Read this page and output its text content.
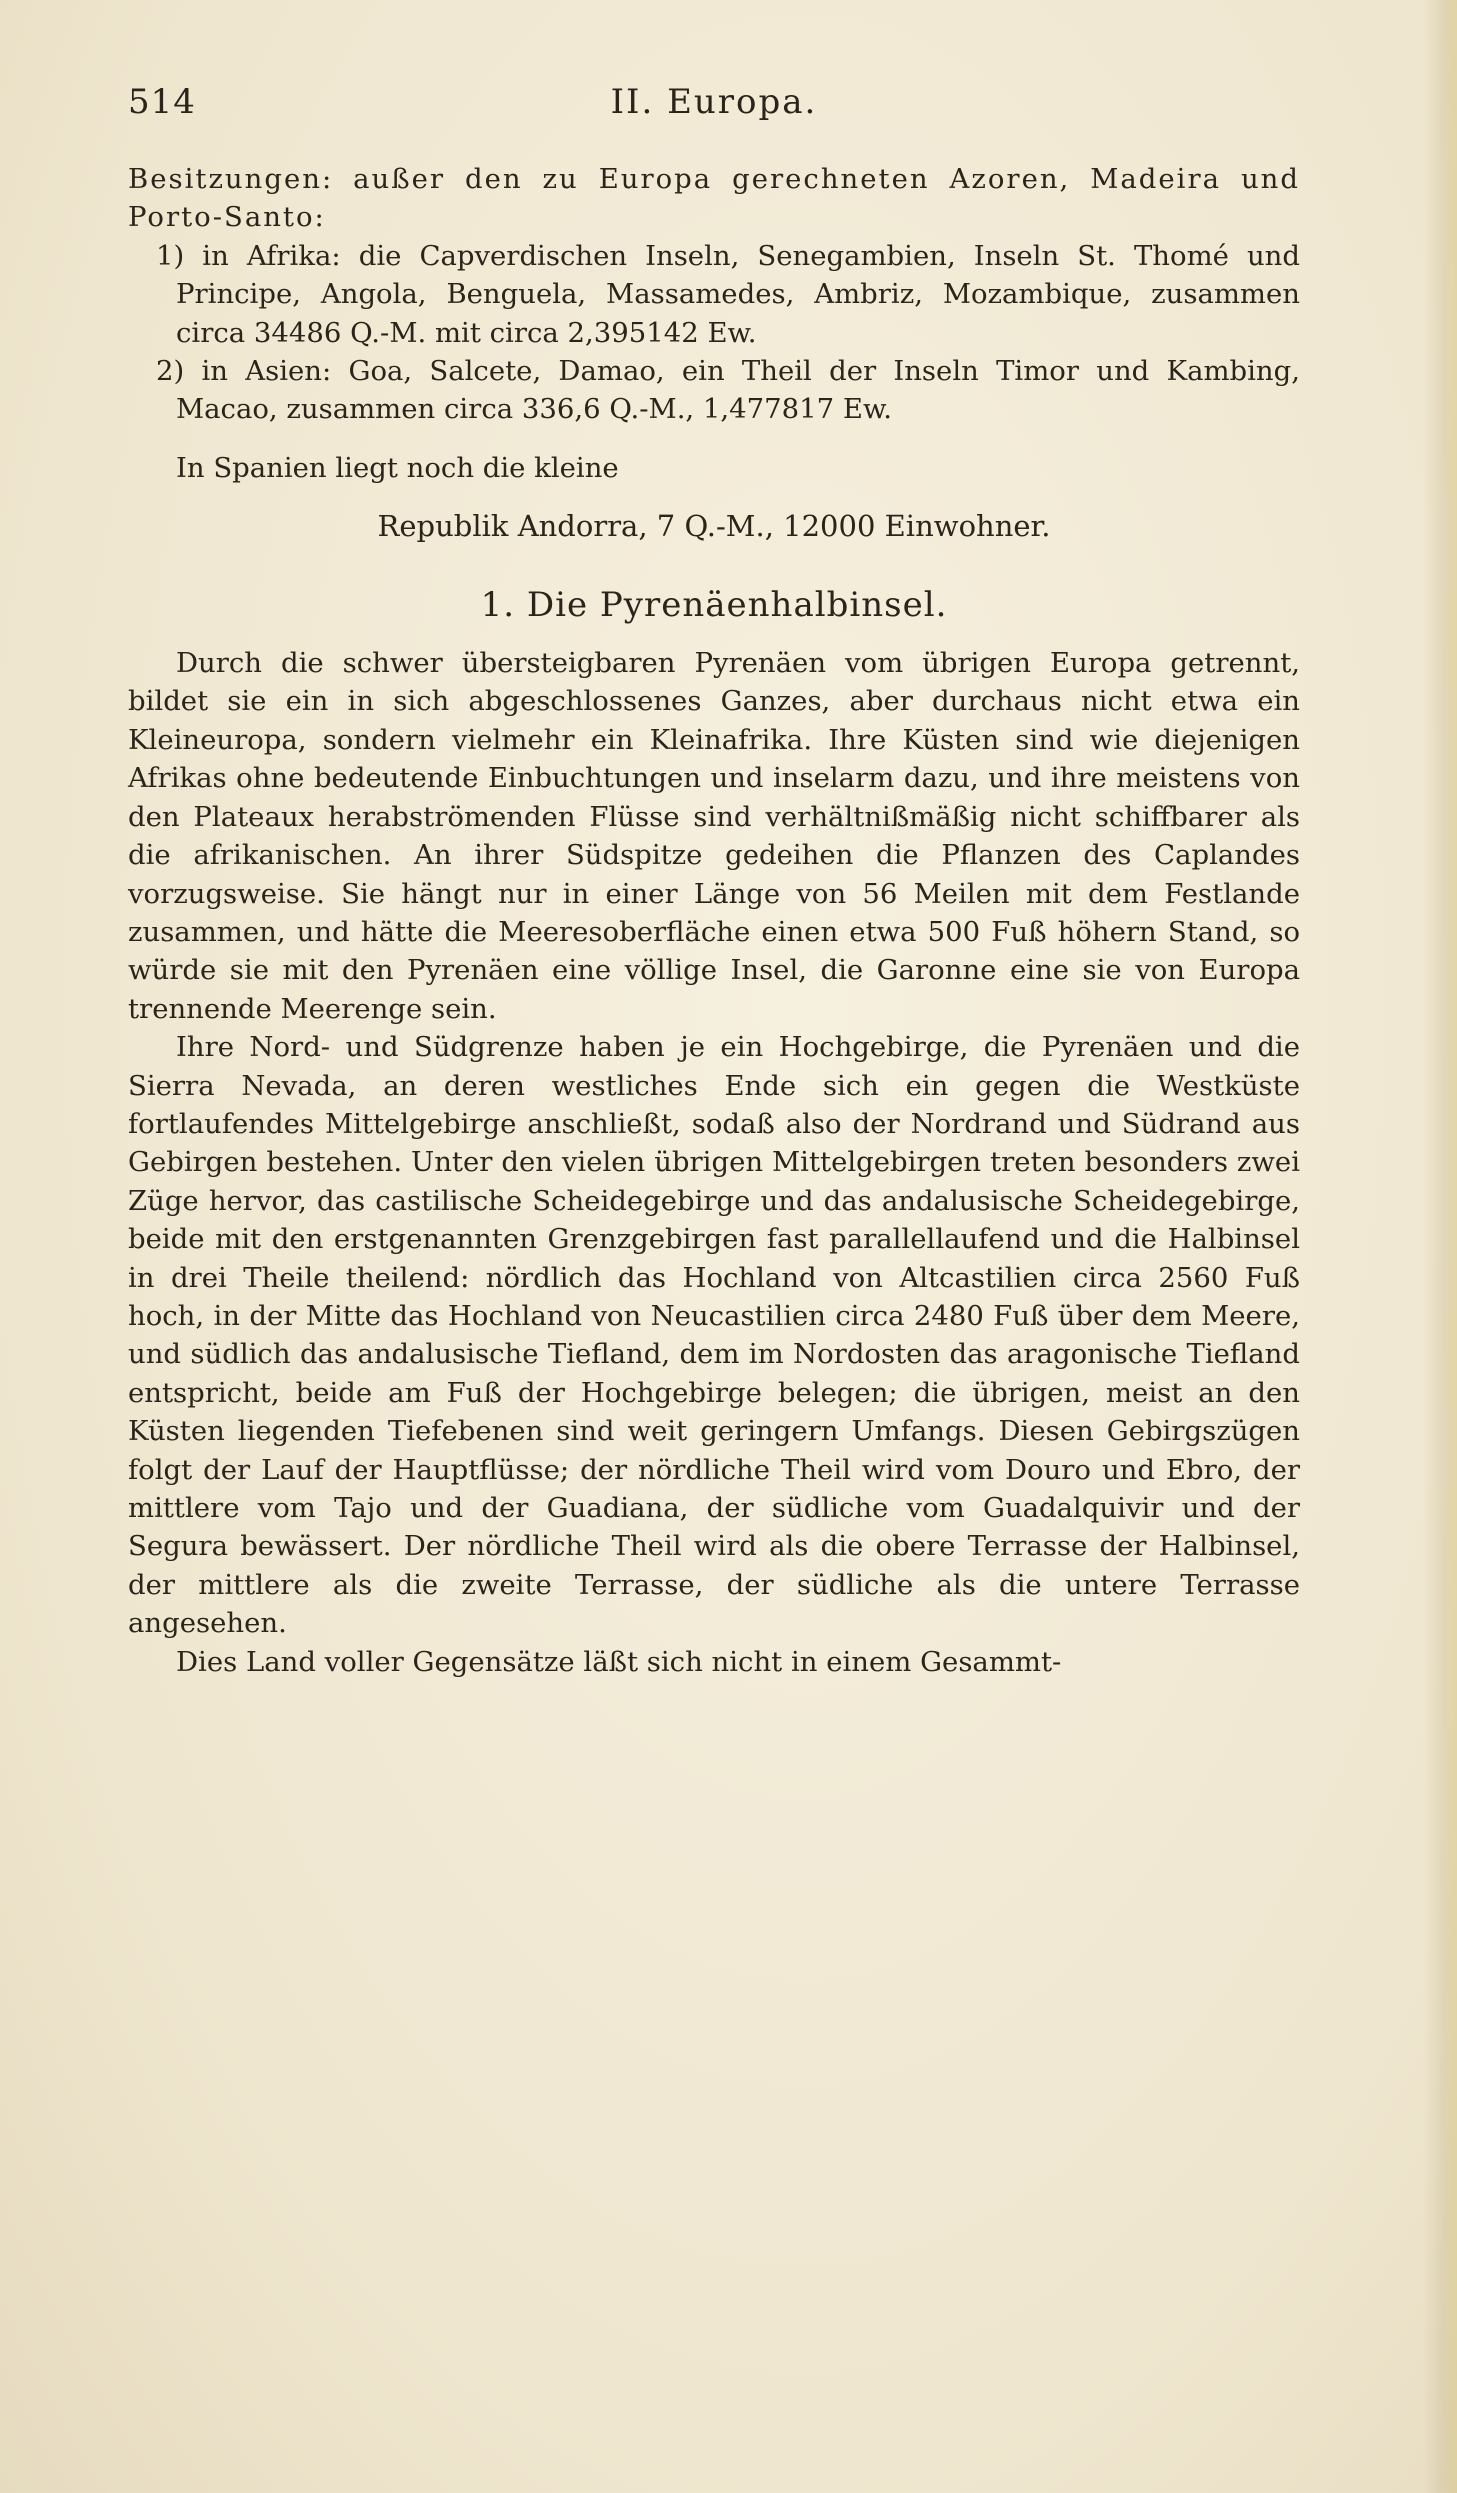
514	II. Europa.

Besitzungen: außer den zu Europa gerechneten Azoren, Madeira und Porto-Santo:

1) in Afrika: die Capverdischen Inseln, Senegambien, Inseln St. Thomé und Principe, Angola, Benguela, Massamedes, Ambriz, Mozambique, zusammen circa 34486 Q.-M. mit circa 2,395142 Ew.

2) in Asien: Goa, Salcete, Damao, ein Theil der Inseln Timor und Kambing, Macao, zusammen circa 336,6 Q.-M., 1,477817 Ew.

In Spanien liegt noch die kleine

Republik Andorra, 7 Q.-M., 12000 Einwohner.

1. Die Pyrenäenhalbinsel.

Durch die schwer übersteigbaren Pyrenäen vom übrigen Europa getrennt, bildet sie ein in sich abgeschlossenes Ganzes, aber durchaus nicht etwa ein Kleineuropa, sondern vielmehr ein Kleinafrika. Ihre Küsten sind wie diejenigen Afrikas ohne bedeutende Einbuchtungen und inselarm dazu, und ihre meistens von den Plateaux herabströmenden Flüsse sind verhältnißmäßig nicht schiffbarer als die afrikanischen. An ihrer Südspitze gedeihen die Pflanzen des Caplandes vorzugsweise. Sie hängt nur in einer Länge von 56 Meilen mit dem Festlande zusammen, und hätte die Meeresoberfläche einen etwa 500 Fuß höhern Stand, so würde sie mit den Pyrenäen eine völlige Insel, die Garonne eine sie von Europa trennende Meerenge sein.

Ihre Nord- und Südgrenze haben je ein Hochgebirge, die Pyrenäen und die Sierra Nevada, an deren westliches Ende sich ein gegen die Westküste fortlaufendes Mittelgebirge anschließt, sodaß also der Nordrand und Südrand aus Gebirgen bestehen. Unter den vielen übrigen Mittelgebirgen treten besonders zwei Züge hervor, das castilische Scheidegebirge und das andalusische Scheidegebirge, beide mit den erstgenannten Grenzgebirgen fast parallellaufend und die Halbinsel in drei Theile theilend: nördlich das Hochland von Altcastilien circa 2560 Fuß hoch, in der Mitte das Hochland von Neucastilien circa 2480 Fuß über dem Meere, und südlich das andalusische Tiefland, dem im Nordosten das aragonische Tiefland entspricht, beide am Fuß der Hochgebirge belegen; die übrigen, meist an den Küsten liegenden Tiefebenen sind weit geringern Umfangs. Diesen Gebirgszügen folgt der Lauf der Hauptflüsse; der nördliche Theil wird vom Douro und Ebro, der mittlere vom Tajo und der Guadiana, der südliche vom Guadalquivir und der Segura bewässert. Der nördliche Theil wird als die obere Terrasse der Halbinsel, der mittlere als die zweite Terrasse, der südliche als die untere Terrasse angesehen.

Dies Land voller Gegensätze läßt sich nicht in einem Gesammt-
